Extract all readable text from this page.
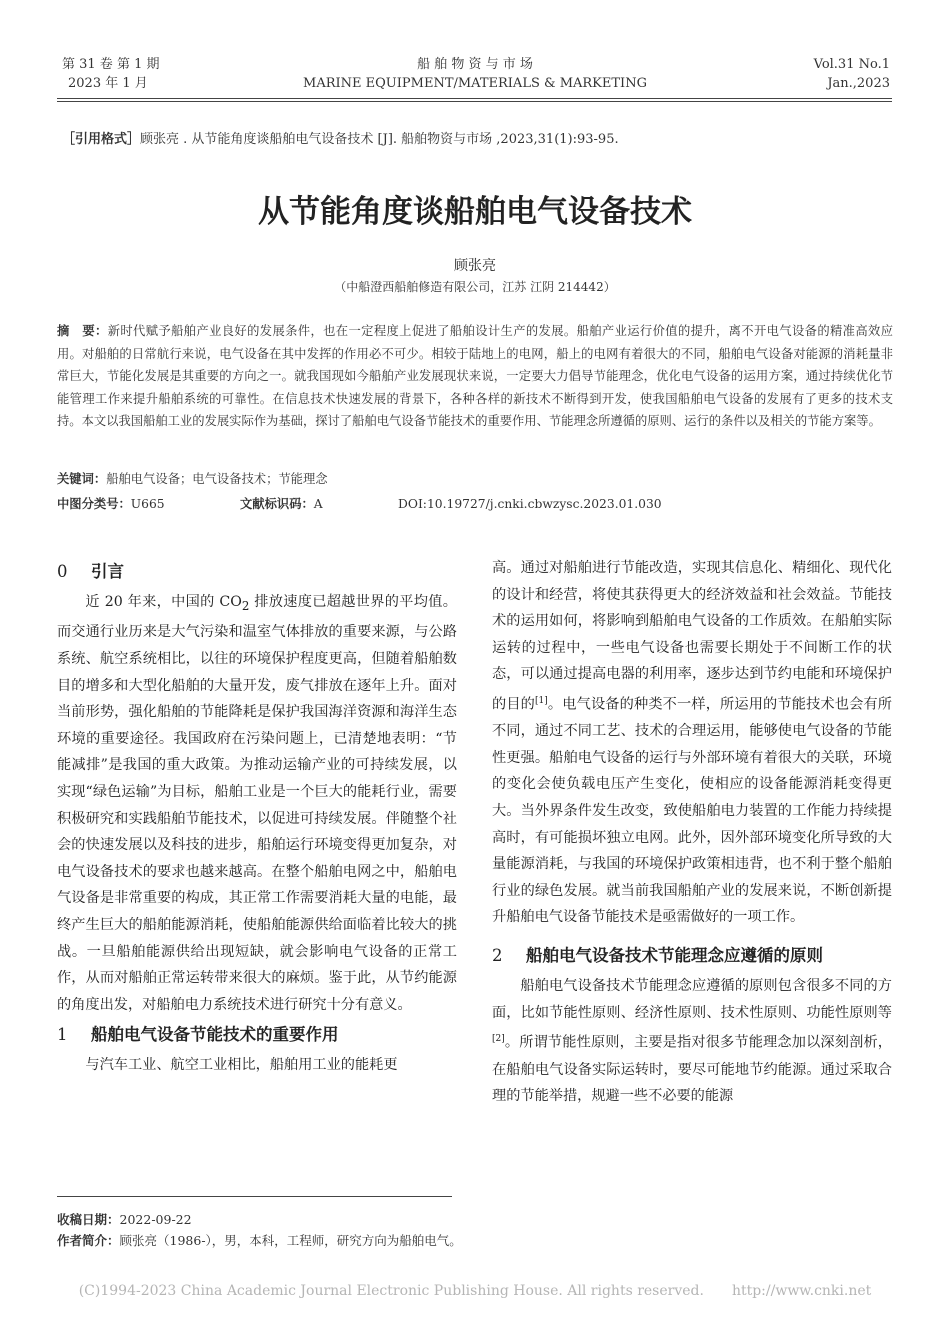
第 31 卷 第 1 期
2023 年 1 月
船 舶 物 资 与 市 场
MARINE EQUIPMENT/MATERIALS & MARKETING
Vol.31 No.1
Jan.,2023
［引用格式］顾张亮 . 从节能角度谈船舶电气设备技术 [J]. 船舶物资与市场 ,2023,31(1):93-95.
从节能角度谈船舶电气设备技术
顾张亮
（中船澄西船舶修造有限公司，江苏 江阴 214442）
摘　要：新时代赋予船舶产业良好的发展条件，也在一定程度上促进了船舶设计生产的发展。船舶产业运行价值的提升，离不开电气设备的精准高效应用。对船舶的日常航行来说，电气设备在其中发挥的作用必不可少。相较于陆地上的电网，船上的电网有着很大的不同，船舶电气设备对能源的消耗量非常巨大，节能化发展是其重要的方向之一。就我国现如今船舶产业发展现状来说，一定要大力倡导节能理念，优化电气设备的运用方案，通过持续优化节能管理工作来提升船舶系统的可靠性。在信息技术快速发展的背景下，各种各样的新技术不断得到开发，使我国船舶电气设备的发展有了更多的技术支持。本文以我国船舶工业的发展实际作为基础，探讨了船舶电气设备节能技术的重要作用、节能理念所遵循的原则、运行的条件以及相关的节能方案等。
关键词：船舶电气设备；电气设备技术；节能理念
中图分类号：U665	文献标识码：A	DOI:10.19727/j.cnki.cbwzysc.2023.01.030
0 引言

近 20 年来，中国的 $CO_2$ 排放速度已超越世界的平均值。而交通行业历来是大气污染和温室气体排放的重要来源，与公路系统、航空系统相比，以往的环境保护程度更高，但随着船舶数目的增多和大型化船舶的大量开发，废气排放在逐年上升。面对当前形势，强化船舶的节能降耗是保护我国海洋资源和海洋生态环境的重要途径。我国政府在污染问题上，已清楚地表明：“节能减排”是我国的重大政策。为推动运输产业的可持续发展，以实现“绿色运输”为目标，船舶工业是一个巨大的能耗行业，需要积极研究和实践船舶节能技术，以促进可持续发展。伴随整个社会的快速发展以及科技的进步，船舶运行环境变得更加复杂，对电气设备技术的要求也越来越高。在整个船舶电网之中，船舶电气设备是非常重要的构成，其正常工作需要消耗大量的电能，最终产生巨大的船舶能源消耗，使船舶能源供给面临着比较大的挑战。一旦船舶能源供给出现短缺，就会影响电气设备的正常工作，从而对船舶正常运转带来很大的麻烦。鉴于此，从节约能源的角度出发，对船舶电力系统技术进行研究十分有意义。

1 船舶电气设备节能技术的重要作用

与汽车工业、航空工业相比，船舶用工业的能耗更

高。通过对船舶进行节能改造，实现其信息化、精细化、现代化的设计和经营，将使其获得更大的经济效益和社会效益。节能技术的运用如何，将影响到船舶电气设备的工作质效。在船舶实际运转的过程中，一些电气设备也需要长期处于不间断工作的状态，可以通过提高电器的利用率，逐步达到节约电能和环境保护的目的[1]。电气设备的种类不一样，所运用的节能技术也会有所不同，通过不同工艺、技术的合理运用，能够使电气设备的节能性更强。船舶电气设备的运行与外部环境有着很大的关联，环境的变化会使负载电压产生变化，使相应的设备能源消耗变得更大。当外界条件发生改变，致使船舶电力装置的工作能力持续提高时，有可能损坏独立电网。此外，因外部环境变化所导致的大量能源消耗，与我国的环境保护政策相违背，也不利于整个船舶行业的绿色发展。就当前我国船舶产业的发展来说，不断创新提升船舶电气设备节能技术是亟需做好的一项工作。

2 船舶电气设备技术节能理念应遵循的原则

船舶电气设备技术节能理念应遵循的原则包含很多不同的方面，比如节能性原则、经济性原则、技术性原则、功能性原则等[2]。所谓节能性原则，主要是指对很多节能理念加以深刻剖析，在船舶电气设备实际运转时，要尽可能地节约能源。通过采取合理的节能举措，规避一些不必要的能源

收稿日期：2022-09-22
作者简介：顾张亮（1986-），男，本科，工程师，研究方向为船舶电气。
(C)1994-2023 China Academic Journal Electronic Publishing House. All rights reserved.　　http://www.cnki.net
